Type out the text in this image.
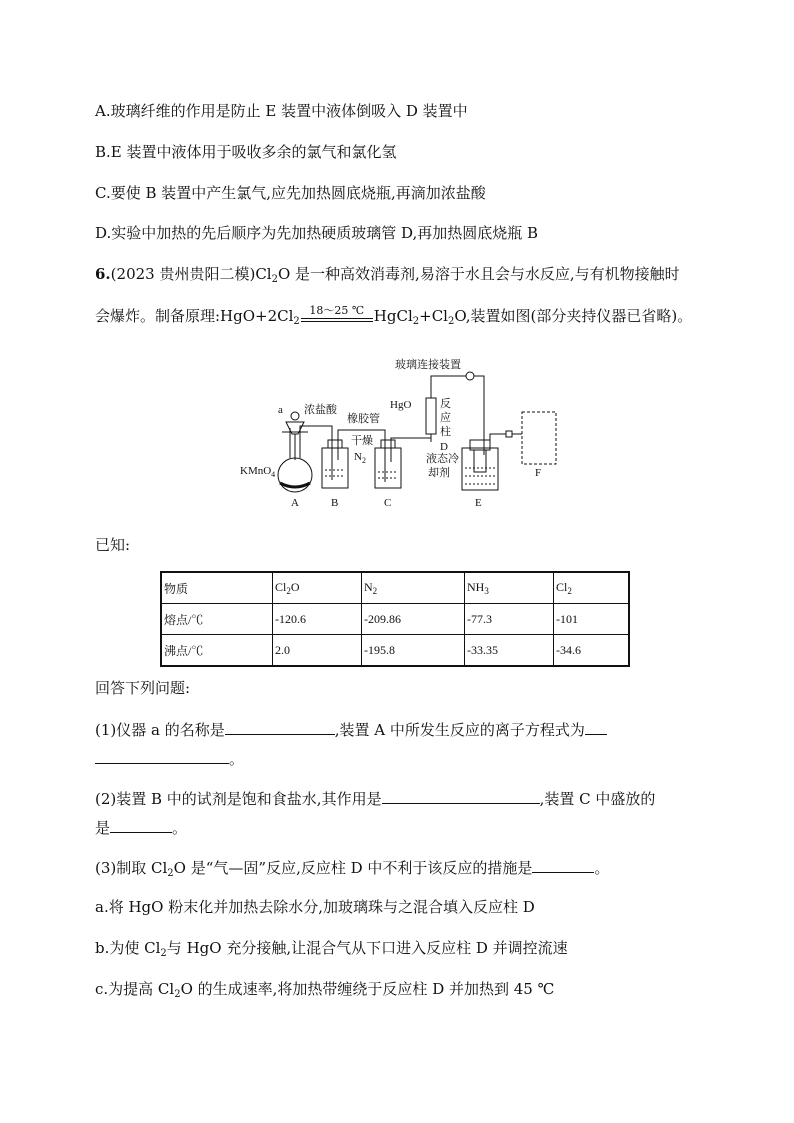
A.玻璃纤维的作用是防止 E 装置中液体倒吸入 D 装置中
B.E 装置中液体用于吸收多余的氯气和氯化氢
C.要使 B 装置中产生氯气,应先加热圆底烧瓶,再滴加浓盐酸
D.实验中加热的先后顺序为先加热硬质玻璃管 D,再加热圆底烧瓶 B
6.(2023 贵州贵阳二模)$Cl_2O$ 是一种高效消毒剂,易溶于水且会与水反应,与有机物接触时
会爆炸。制备原理$:HgO+2Cl_2$
18～25 ℃ $HgCl_2+Cl_2O$,装置如图(部分夹持仪器已省略)。
玻璃连接装置
HgO	反
应
柱
D
a 浓盐酸
橡胶管
干燥
$N_2$
KMnO$_4$
液态冷
却剂
A	B	C	E
F
已知:
物质	$Cl_2O$	$N_2$	$NH_3$	$Cl_2$
熔点/℃	-120.6	-209.86	-77.3	-101
沸点/℃	2.0	-195.8	-33.35	-34.6
回答下列问题:
(1)仪器 a 的名称是	,装置 A 中所发生反应的离子方程式为
。
(2)装置 B 中的试剂是饱和食盐水,其作用是	,装置 C 中盛放的
是	。
(3)制取 $Cl_2O$ 是“气—固”反应,反应柱 D 中不利于该反应的措施是	。
a.将 HgO 粉末化并加热去除水分,加玻璃珠与之混合填入反应柱 D
b.为使 $Cl_2$与 HgO 充分接触,让混合气从下口进入反应柱 D 并调控流速
c.为提高 $Cl_2O$ 的生成速率,将加热带缠绕于反应柱 D 并加热到 45 ℃
